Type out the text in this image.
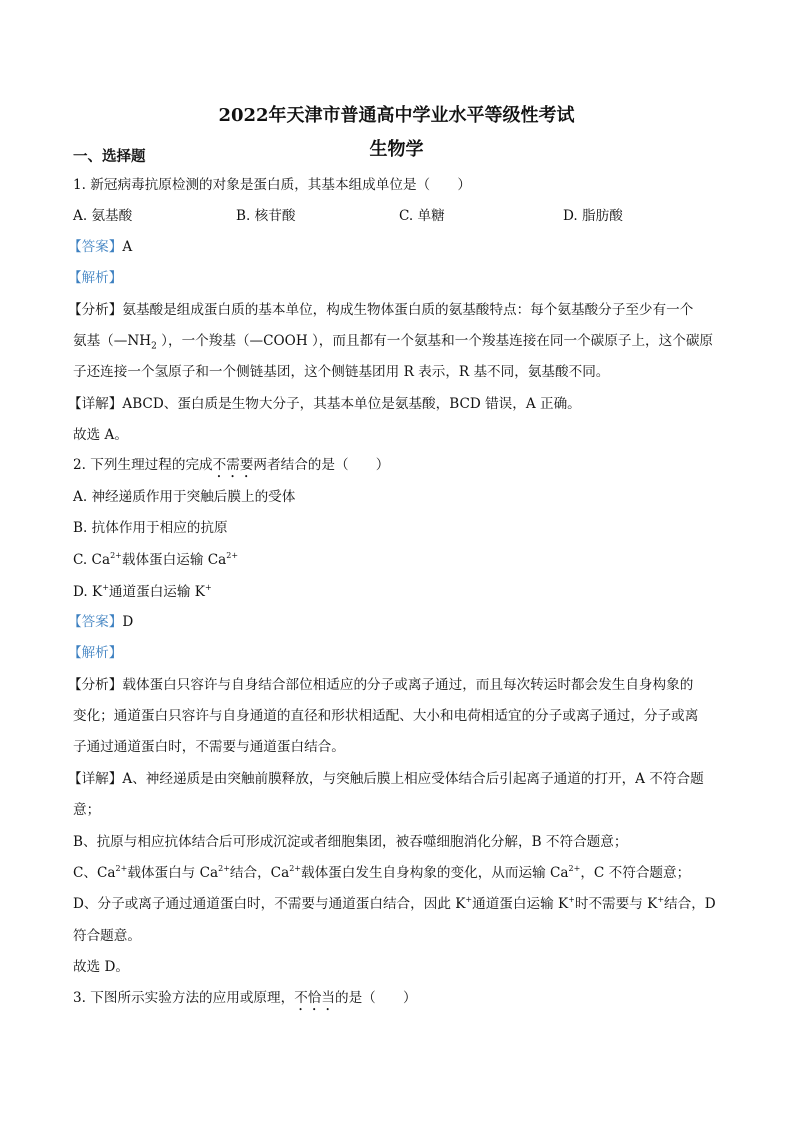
2022年天津市普通高中学业水平等级性考试
生物学
一、选择题
1. 新冠病毒抗原检测的对象是蛋白质，其基本组成单位是（　　）
A. 氨基酸	B. 核苷酸	C. 单糖	D. 脂肪酸
【答案】A
【解析】
【分析】氨基酸是组成蛋白质的基本单位，构成生物体蛋白质的氨基酸特点：每个氨基酸分子至少有一个
氨基（$—NH_2$ ），一个羧基（—COOH ），而且都有一个氨基和一个羧基连接在同一个碳原子上，这个碳原
子还连接一个氢原子和一个侧链基团，这个侧链基团用 R 表示，R 基不同，氨基酸不同。
【详解】ABCD、蛋白质是生物大分子，其基本单位是氨基酸，BCD 错误，A 正确。
故选 A。
2. 下列生理过程的完成不需要两者结合的是（　　）
A. 神经递质作用于突触后膜上的受体
B. 抗体作用于相应的抗原
C. $Ca^{2+}$载体蛋白运输 $Ca^{2+}$
D. K+通道蛋白运输 K+
【答案】D
【解析】
【分析】载体蛋白只容许与自身结合部位相适应的分子或离子通过，而且每次转运时都会发生自身构象的
变化；通道蛋白只容许与自身通道的直径和形状相适配、大小和电荷相适宜的分子或离子通过，分子或离
子通过通道蛋白时，不需要与通道蛋白结合。
【详解】A、神经递质是由突触前膜释放，与突触后膜上相应受体结合后引起离子通道的打开，A 不符合题
意；
B、抗原与相应抗体结合后可形成沉淀或者细胞集团，被吞噬细胞消化分解，B 不符合题意；
C、$Ca^{2+}$载体蛋白与 $Ca^{2+}$结合，$Ca^{2+}$载体蛋白发生自身构象的变化，从而运输 $Ca^{2+}$，C 不符合题意；
D、分子或离子通过通道蛋白时，不需要与通道蛋白结合，因此 K+通道蛋白运输 K+时不需要与 K+结合，D
符合题意。
故选 D。
3. 下图所示实验方法的应用或原理，不恰当的是（　　）
